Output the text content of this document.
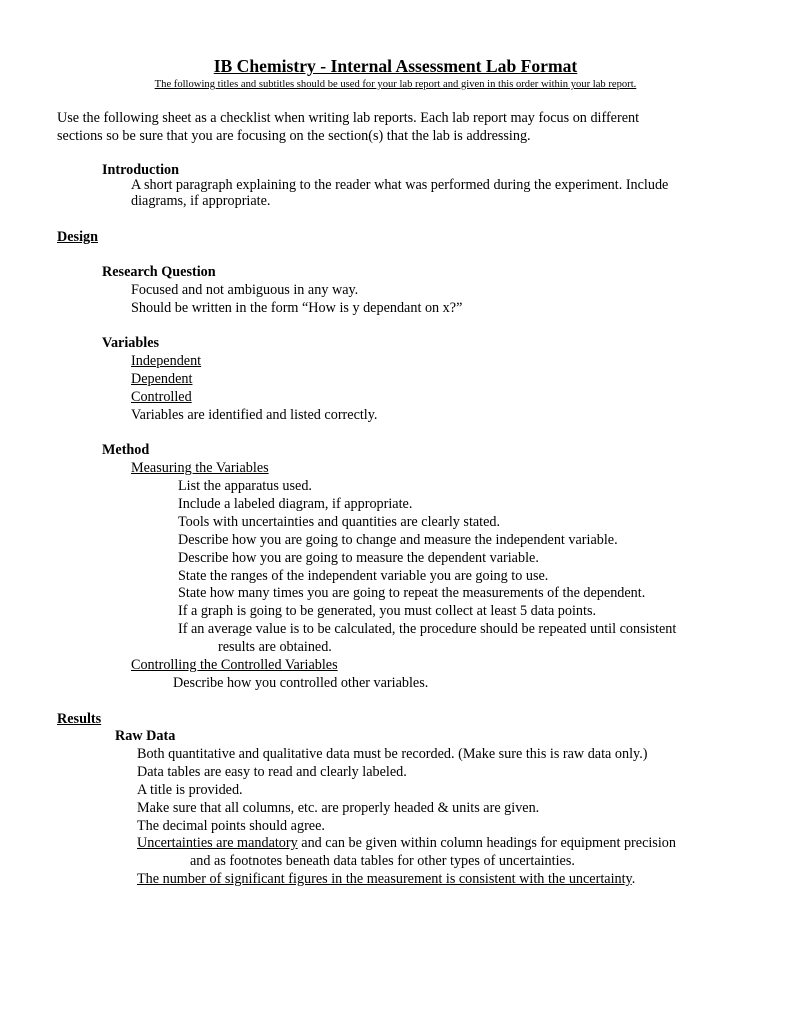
IB Chemistry - Internal Assessment Lab Format

The following titles and subtitles should be used for your lab report and given in this order within your lab report.

Use the following sheet as a checklist when writing lab reports. Each lab report may focus on different

sections so be sure that you are focusing on the section(s) that the lab is addressing.

Introduction

A short paragraph explaining to the reader what was performed during the experiment. Include

diagrams, if appropriate.

Design

Research Question

Focused and not ambiguous in any way.

Should be written in the form “How is y dependant on x?”

Variables

Independent

Dependent

Controlled

Variables are identified and listed correctly.

Method

Measuring the Variables

List the apparatus used.

Include a labeled diagram, if appropriate.

Tools with uncertainties and quantities are clearly stated.

Describe how you are going to change and measure the independent variable.

Describe how you are going to measure the dependent variable.

State the ranges of the independent variable you are going to use.

State how many times you are going to repeat the measurements of the dependent.

If a graph is going to be generated, you must collect at least 5 data points.

If an average value is to be calculated, the procedure should be repeated until consistent

results are obtained.

Controlling the Controlled Variables

Describe how you controlled other variables.

Results

Raw Data

Both quantitative and qualitative data must be recorded. (Make sure this is raw data only.)

Data tables are easy to read and clearly labeled.

A title is provided.

Make sure that all columns, etc. are properly headed & units are given.

The decimal points should agree.

Uncertainties are mandatory and can be given within column headings for equipment precision

and as footnotes beneath data tables for other types of uncertainties.

The number of significant figures in the measurement is consistent with the uncertainty.
